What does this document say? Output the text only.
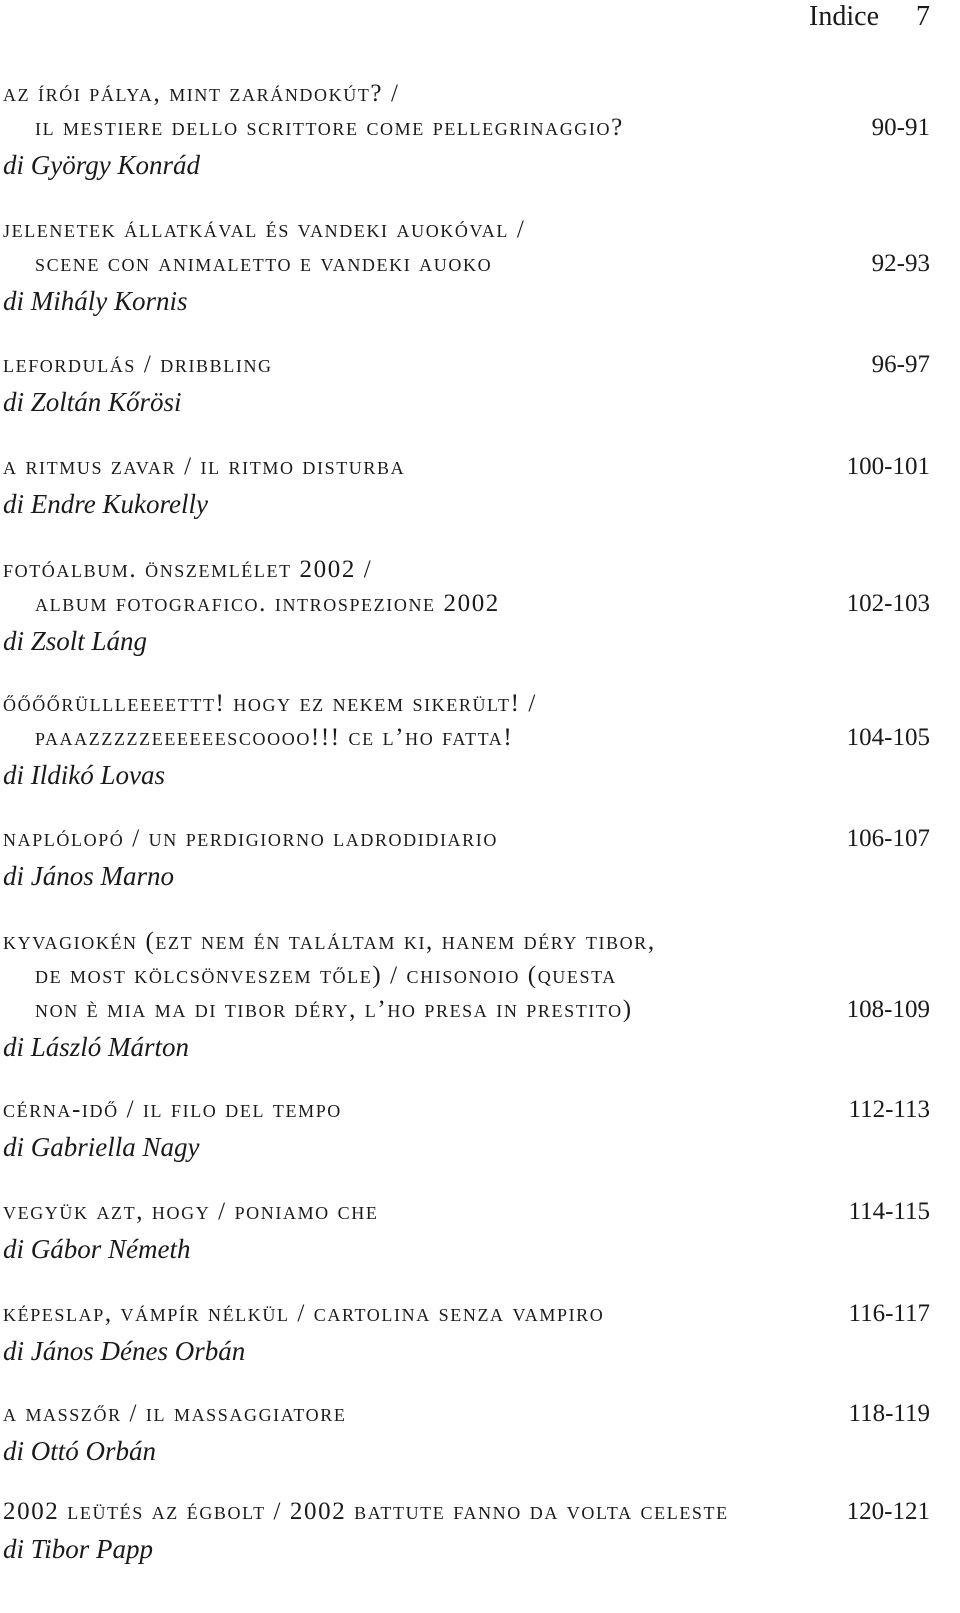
Indice 7
az írói pálya, mint zarándokút? /
il mestiere dello scrittore come pellegrinaggio?	90-91
di György Konrád
jelenetek állatkával és vandeki auokóval /
scene con animaletto e vandeki auoko	92-93
di Mihály Kornis
lefordulás / dribbling	96-97
di Zoltán Kőrösi
a ritmus zavar / il ritmo disturba	100-101
di Endre Kukorelly
fotóalbum. önszemlélet 2002 /
album fotografico. introspezione 2002	102-103
di Zsolt Láng
őőőőrüllleeeettt! hogy ez nekem sikerült! /
paaazzzzzeeeeeescoooo!!! ce l’ho fatta!	104-105
di Ildikó Lovas
naplólopó / un perdigiorno ladrodidiario	106-107
di János Marno
kyvagiokén (ezt nem én találtam ki, hanem déry tibor,
de most kölcsönveszem tőle) / chisonoio (questa
non è mia ma di tibor déry, l’ho presa in prestito)	108-109
di László Márton
cérna-idő / il filo del tempo	112-113
di Gabriella Nagy
vegyük azt, hogy / poniamo che	114-115
di Gábor Németh
képeslap, vámpír nélkül / cartolina senza vampiro	116-117
di János Dénes Orbán
a masszőr / il massaggiatore	118-119
di Ottó Orbán
2002 leütés az égbolt / 2002 battute fanno da volta celeste	120-121
di Tibor Papp
